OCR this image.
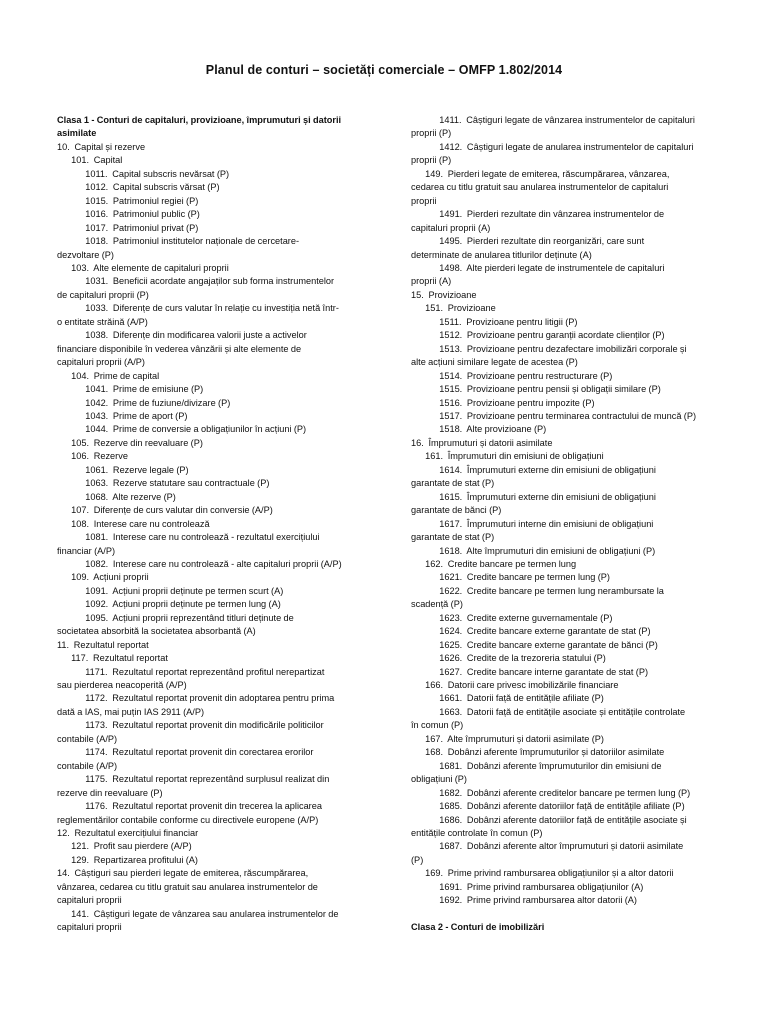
Planul de conturi – societăți comerciale – OMFP 1.802/2014
Clasa 1 - Conturi de capitaluri, provizioane, împrumuturi și datorii
asimilate
10.  Capital și rezerve
101.  Capital
1011.  Capital subscris nevărsat (P)
1012.  Capital subscris vărsat (P)
1015.  Patrimoniul regiei (P)
1016.  Patrimoniul public (P)
1017.  Patrimoniul privat (P)
1018.  Patrimoniul institutelor naționale de cercetare-
dezvoltare (P)
103.  Alte elemente de capitaluri proprii
1031.  Beneficii acordate angajaților sub forma instrumentelor
de capitaluri proprii (P)
1033.  Diferențe de curs valutar în relație cu investiția netă într-
o entitate străină (A/P)
1038.  Diferențe din modificarea valorii juste a activelor
financiare disponibile în vederea vânzării și alte elemente de
capitaluri proprii (A/P)
104.  Prime de capital
1041.  Prime de emisiune (P)
1042.  Prime de fuziune/divizare (P)
1043.  Prime de aport (P)
1044.  Prime de conversie a obligațiunilor în acțiuni (P)
105.  Rezerve din reevaluare (P)
106.  Rezerve
1061.  Rezerve legale (P)
1063.  Rezerve statutare sau contractuale (P)
1068.  Alte rezerve (P)
107.  Diferențe de curs valutar din conversie (A/P)
108.  Interese care nu controlează
1081.  Interese care nu controlează - rezultatul exercițiului
financiar (A/P)
1082.  Interese care nu controlează - alte capitaluri proprii (A/P)
109.  Acțiuni proprii
1091.  Acțiuni proprii deținute pe termen scurt (A)
1092.  Acțiuni proprii deținute pe termen lung (A)
1095.  Acțiuni proprii reprezentând titluri deținute de
societatea absorbită la societatea absorbantă (A)
11.  Rezultatul reportat
117.  Rezultatul reportat
1171.  Rezultatul reportat reprezentând profitul nerepartizat
sau pierderea neacoperită (A/P)
1172.  Rezultatul reportat provenit din adoptarea pentru prima
dată a IAS, mai puțin IAS 2911 (A/P)
1173.  Rezultatul reportat provenit din modificările politicilor
contabile (A/P)
1174.  Rezultatul reportat provenit din corectarea erorilor
contabile (A/P)
1175.  Rezultatul reportat reprezentând surplusul realizat din
rezerve din reevaluare (P)
1176.  Rezultatul reportat provenit din trecerea la aplicarea
reglementărilor contabile conforme cu directivele europene (A/P)
12.  Rezultatul exercițiului financiar
121.  Profit sau pierdere (A/P)
129.  Repartizarea profitului (A)
14.  Câștiguri sau pierderi legate de emiterea, răscumpărarea,
vânzarea, cedarea cu titlu gratuit sau anularea instrumentelor de
capitaluri proprii
141.  Câștiguri legate de vânzarea sau anularea instrumentelor de
capitaluri proprii
1411.  Câștiguri legate de vânzarea instrumentelor de capitaluri
proprii (P)
1412.  Câștiguri legate de anularea instrumentelor de capitaluri
proprii (P)
149.  Pierderi legate de emiterea, răscumpărarea, vânzarea,
cedarea cu titlu gratuit sau anularea instrumentelor de capitaluri
proprii
1491.  Pierderi rezultate din vânzarea instrumentelor de
capitaluri proprii (A)
1495.  Pierderi rezultate din reorganizări, care sunt
determinate de anularea titlurilor deținute (A)
1498.  Alte pierderi legate de instrumentele de capitaluri
proprii (A)
15.  Provizioane
151.  Provizioane
1511.  Provizioane pentru litigii (P)
1512.  Provizioane pentru garanții acordate clienților (P)
1513.  Provizioane pentru dezafectare imobilizări corporale și
alte acțiuni similare legate de acestea (P)
1514.  Provizioane pentru restructurare (P)
1515.  Provizioane pentru pensii și obligații similare (P)
1516.  Provizioane pentru impozite (P)
1517.  Provizioane pentru terminarea contractului de muncă (P)
1518.  Alte provizioane (P)
16.  Împrumuturi și datorii asimilate
161.  Împrumuturi din emisiuni de obligațiuni
1614.  Împrumuturi externe din emisiuni de obligațiuni
garantate de stat (P)
1615.  Împrumuturi externe din emisiuni de obligațiuni
garantate de bănci (P)
1617.  Împrumuturi interne din emisiuni de obligațiuni
garantate de stat (P)
1618.  Alte împrumuturi din emisiuni de obligațiuni (P)
162.  Credite bancare pe termen lung
1621.  Credite bancare pe termen lung (P)
1622.  Credite bancare pe termen lung nerambursate la
scadență (P)
1623.  Credite externe guvernamentale (P)
1624.  Credite bancare externe garantate de stat (P)
1625.  Credite bancare externe garantate de bănci (P)
1626.  Credite de la trezoreria statului (P)
1627.  Credite bancare interne garantate de stat (P)
166.  Datorii care privesc imobilizările financiare
1661.  Datorii față de entitățile afiliate (P)
1663.  Datorii față de entitățile asociate și entitățile controlate
în comun (P)
167.  Alte împrumuturi și datorii asimilate (P)
168.  Dobânzi aferente împrumuturilor și datoriilor asimilate
1681.  Dobânzi aferente împrumuturilor din emisiuni de
obligațiuni (P)
1682.  Dobânzi aferente creditelor bancare pe termen lung (P)
1685.  Dobânzi aferente datoriilor față de entitățile afiliate (P)
1686.  Dobânzi aferente datoriilor față de entitățile asociate și
entitățile controlate în comun (P)
1687.  Dobânzi aferente altor împrumuturi și datorii asimilate
(P)
169.  Prime privind rambursarea obligațiunilor și a altor datorii
1691.  Prime privind rambursarea obligațiunilor (A)
1692.  Prime privind rambursarea altor datorii (A)
Clasa 2 - Conturi de imobilizări
